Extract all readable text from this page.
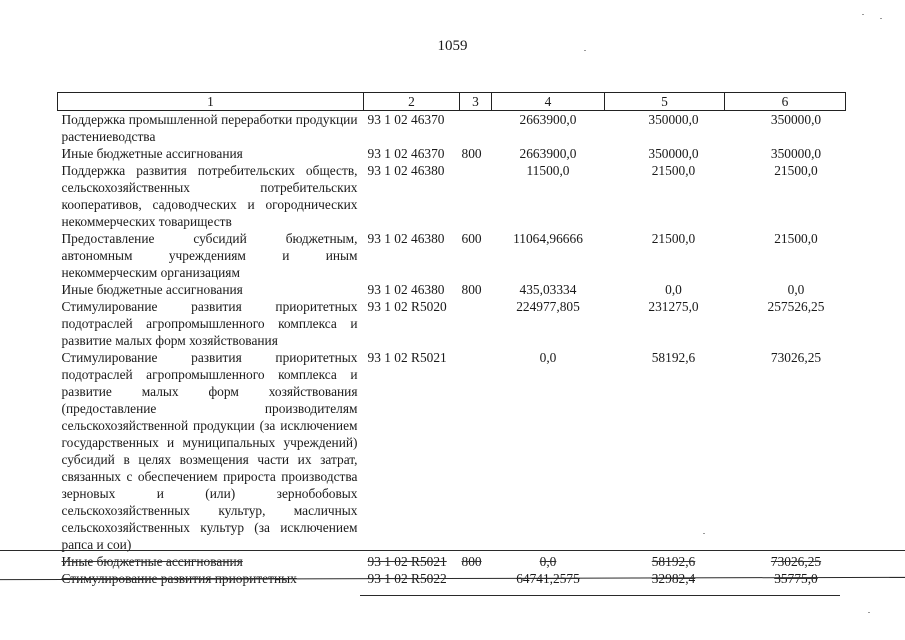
1059
1	2	3	4	5	6
Поддержка промышленной переработки продукции растениеводства	93 1 02 46370		2663900,0	350000,0	350000,0
Иные бюджетные ассигнования	93 1 02 46370	800	2663900,0	350000,0	350000,0
Поддержка развития потребительских обществ, сельскохозяйственных потребительских кооперативов, садоводческих и огороднических некоммерческих товариществ	93 1 02 46380		11500,0	21500,0	21500,0
Предоставление субсидий бюджетным, автономным учреждениям и иным некоммерческим организациям	93 1 02 46380	600	11064,96666	21500,0	21500,0
Иные бюджетные ассигнования	93 1 02 46380	800	435,03334	0,0	0,0
Стимулирование развития приоритетных подотраслей агропромышленного комплекса и развитие малых форм хозяйствования	93 1 02 R5020		224977,805	231275,0	257526,25
Стимулирование развития приоритетных подотраслей агропромышленного комплекса и развитие малых форм хозяйствования (предоставление производителям сельскохозяйственной продукции (за исключением государственных и муниципальных учреждений) субсидий в целях возмещения части их затрат, связанных с обеспечением прироста производства зерновых и (или) зернобобовых сельскохозяйственных культур, масличных сельскохозяйственных культур (за исключением рапса и сои)	93 1 02 R5021		0,0	58192,6	73026,25
Иные бюджетные ассигнования	93 1 02 R5021	800	0,0	58192,6	73026,25
Стимулирование развития приоритетных	93 1 02 R5022		64741,2575	32982,4	35775,0
